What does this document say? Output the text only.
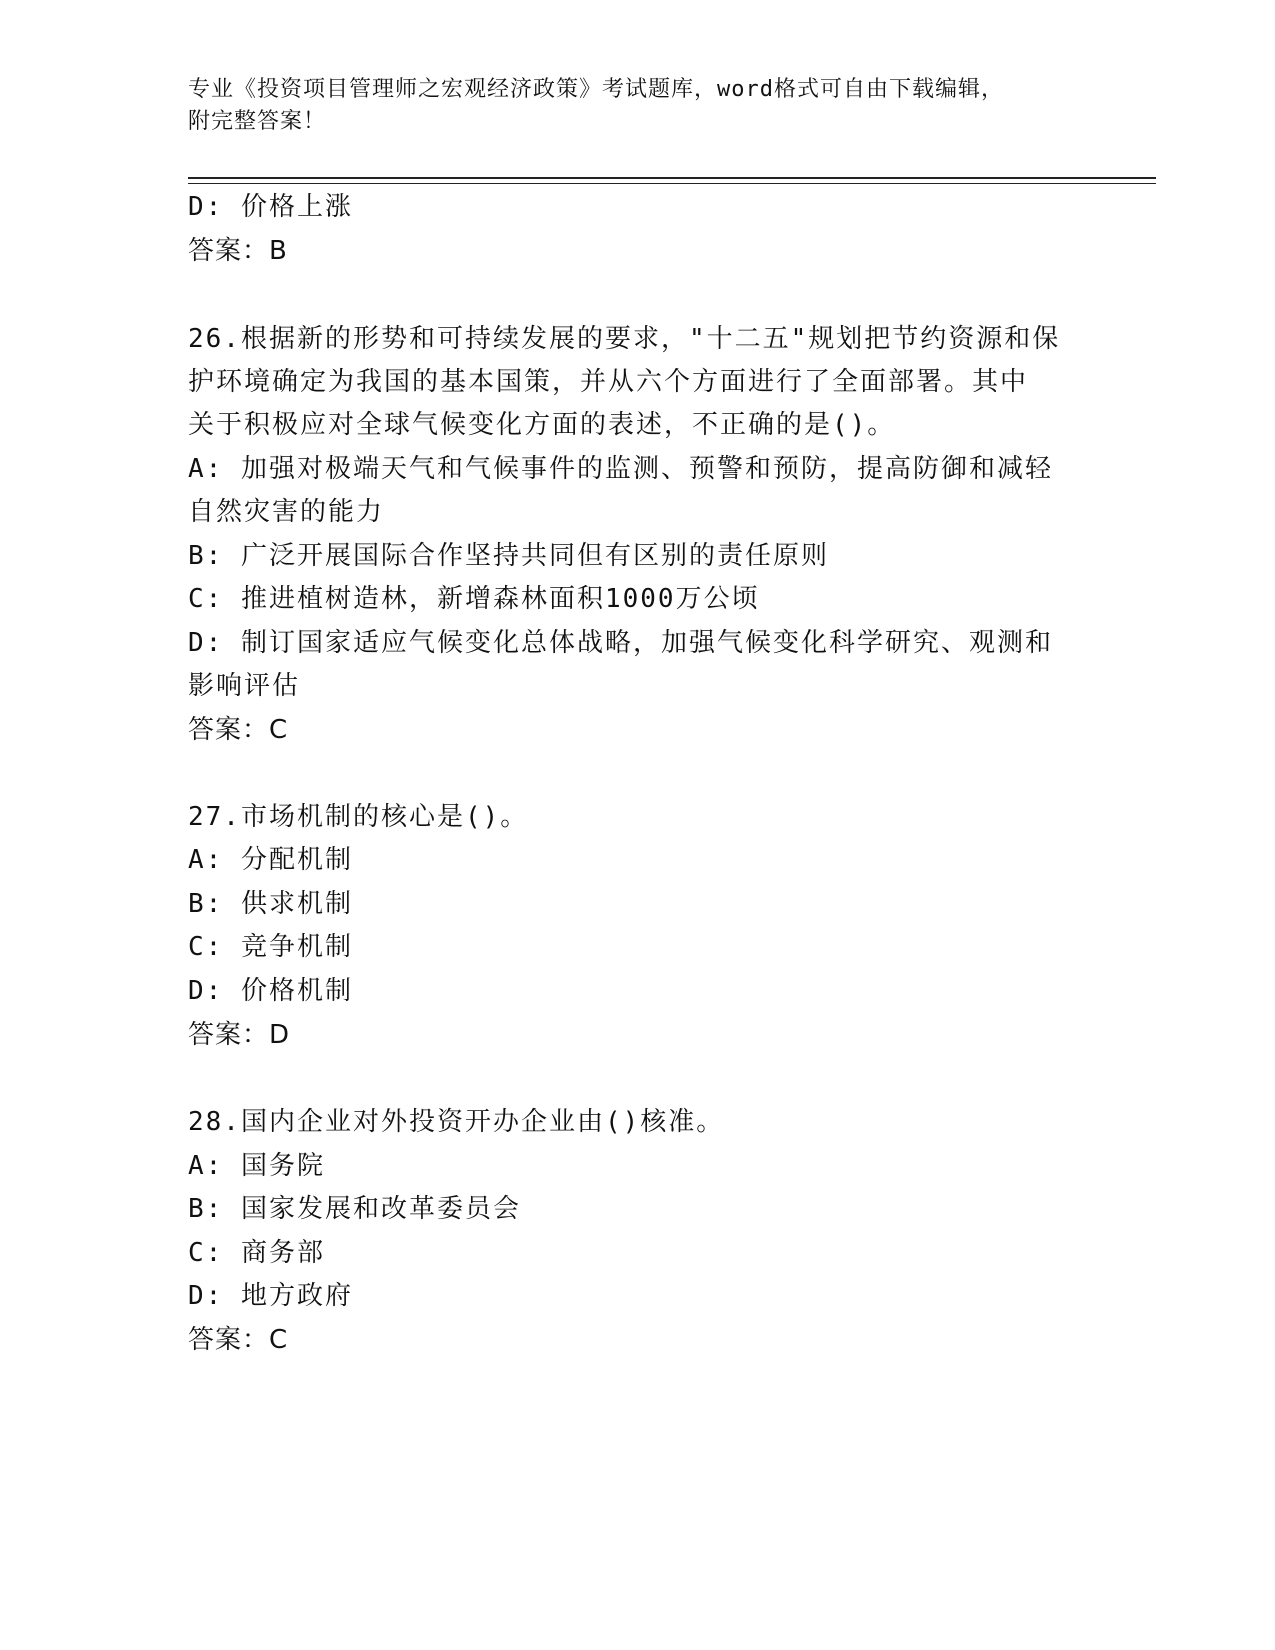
专业《投资项目管理师之宏观经济政策》考试题库，word格式可自由下载编辑，
附完整答案！
D: 价格上涨
答案：B
26.根据新的形势和可持续发展的要求，"十二五"规划把节约资源和保
护环境确定为我国的基本国策，并从六个方面进行了全面部署。其中
关于积极应对全球气候变化方面的表述，不正确的是()。
A: 加强对极端天气和气候事件的监测、预警和预防，提高防御和减轻
自然灾害的能力
B: 广泛开展国际合作坚持共同但有区别的责任原则
C: 推进植树造林，新增森林面积1000万公顷
D: 制订国家适应气候变化总体战略，加强气候变化科学研究、观测和
影响评估
答案：C
27.市场机制的核心是()。
A: 分配机制
B: 供求机制
C: 竞争机制
D: 价格机制
答案：D
28.国内企业对外投资开办企业由()核准。
A: 国务院
B: 国家发展和改革委员会
C: 商务部
D: 地方政府
答案：C
